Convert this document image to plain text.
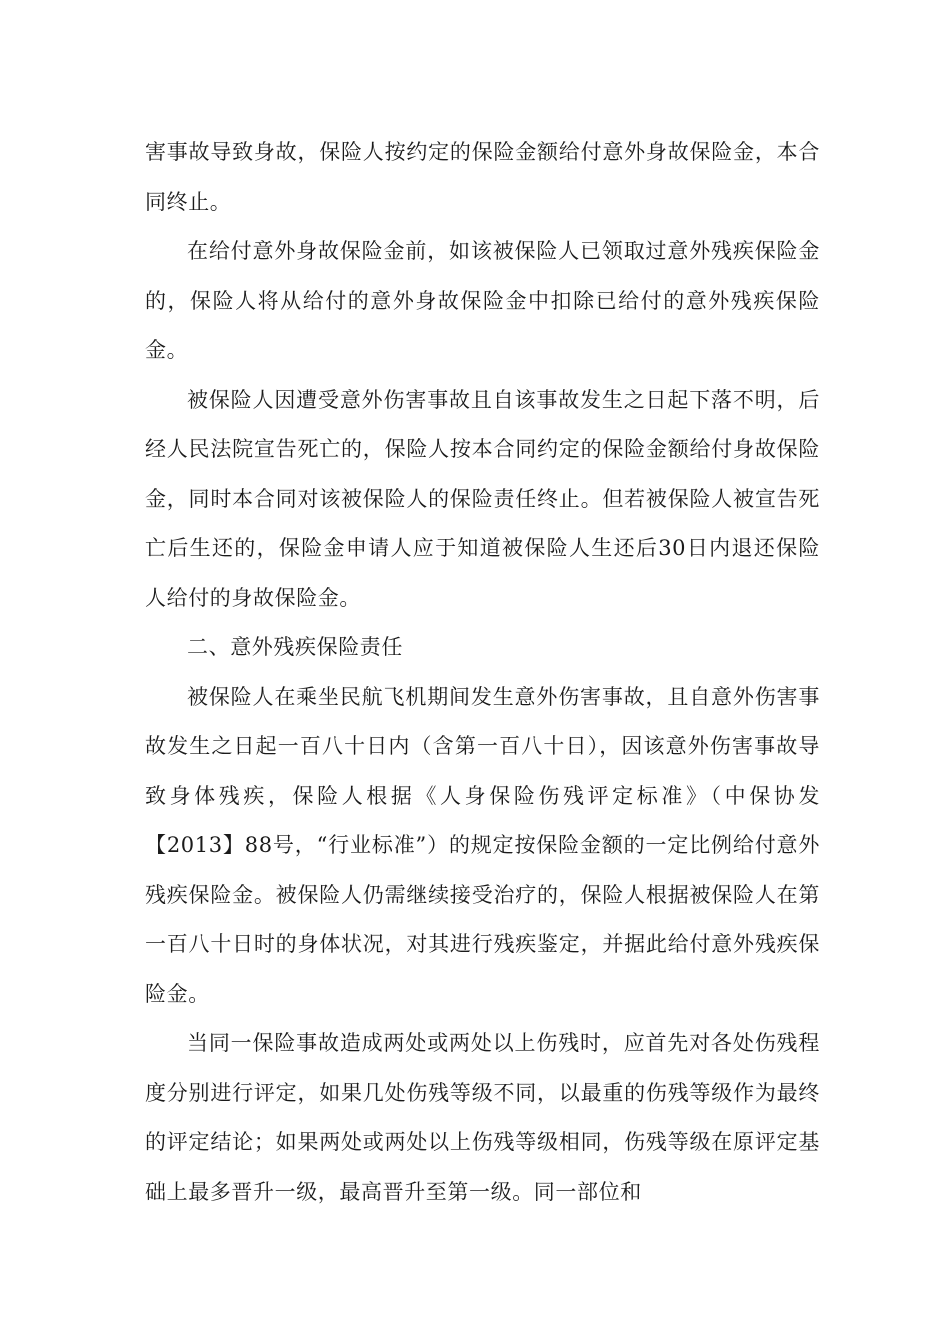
害事故导致身故，保险人按约定的保险金额给付意外身故保险金，本合同终止。

在给付意外身故保险金前，如该被保险人已领取过意外残疾保险金的，保险人将从给付的意外身故保险金中扣除已给付的意外残疾保险金。

被保险人因遭受意外伤害事故且自该事故发生之日起下落不明，后经人民法院宣告死亡的，保险人按本合同约定的保险金额给付身故保险金，同时本合同对该被保险人的保险责任终止。但若被保险人被宣告死亡后生还的，保险金申请人应于知道被保险人生还后30日内退还保险人给付的身故保险金。

二、意外残疾保险责任

被保险人在乘坐民航飞机期间发生意外伤害事故，且自意外伤害事故发生之日起一百八十日内（含第一百八十日），因该意外伤害事故导致身体残疾，保险人根据《人身保险伤残评定标准》（中保协发【2013】88号，“行业标准”）的规定按保险金额的一定比例给付意外残疾保险金。被保险人仍需继续接受治疗的，保险人根据被保险人在第一百八十日时的身体状况，对其进行残疾鉴定，并据此给付意外残疾保险金。

当同一保险事故造成两处或两处以上伤残时，应首先对各处伤残程度分别进行评定，如果几处伤残等级不同，以最重的伤残等级作为最终的评定结论；如果两处或两处以上伤残等级相同，伤残等级在原评定基础上最多晋升一级，最高晋升至第一级。同一部位和
